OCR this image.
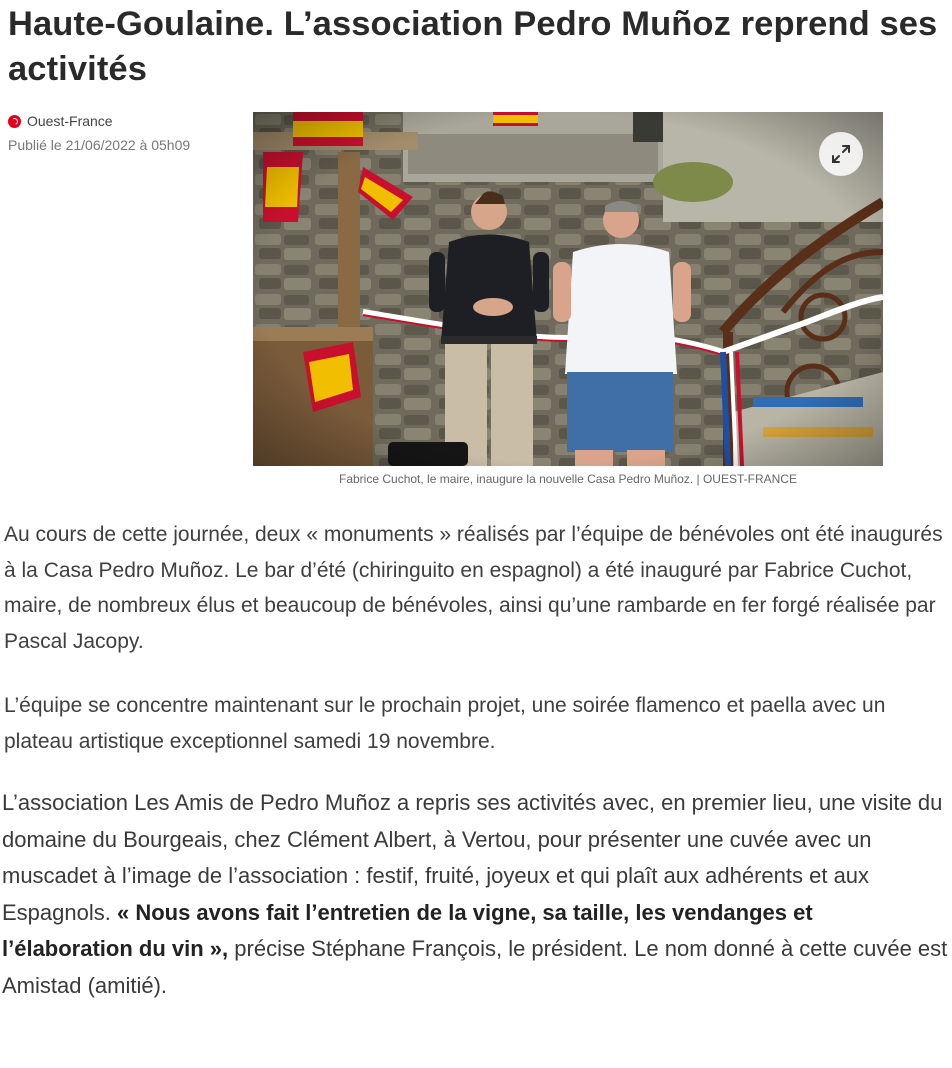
Haute-Goulaine. L’association Pedro Muñoz reprend ses activités
Ouest-France
Publié le 21/06/2022 à 05h09
Fabrice Cuchot, le maire, inaugure la nouvelle Casa Pedro Muñoz. | OUEST-FRANCE

Au cours de cette journée, deux « monuments » réalisés par l’équipe de bénévoles ont été inaugurés à la Casa Pedro Muñoz. Le bar d’été (chiringuito en espagnol) a été inauguré par Fabrice Cuchot, maire, de nombreux élus et beaucoup de bénévoles, ainsi qu’une rambarde en fer forgé réalisée par Pascal Jacopy.

L’équipe se concentre maintenant sur le prochain projet, une soirée flamenco et paella avec un plateau artistique exceptionnel samedi 19 novembre.

L’association Les Amis de Pedro Muñoz a repris ses activités avec, en premier lieu, une visite du domaine du Bourgeais, chez Clément Albert, à Vertou, pour présenter une cuvée avec un muscadet à l’image de l’association : festif, fruité, joyeux et qui plaît aux adhérents et aux Espagnols. « Nous avons fait l’entretien de la vigne, sa taille, les vendanges et l’élaboration du vin », précise Stéphane François, le président. Le nom donné à cette cuvée est Amistad (amitié).
